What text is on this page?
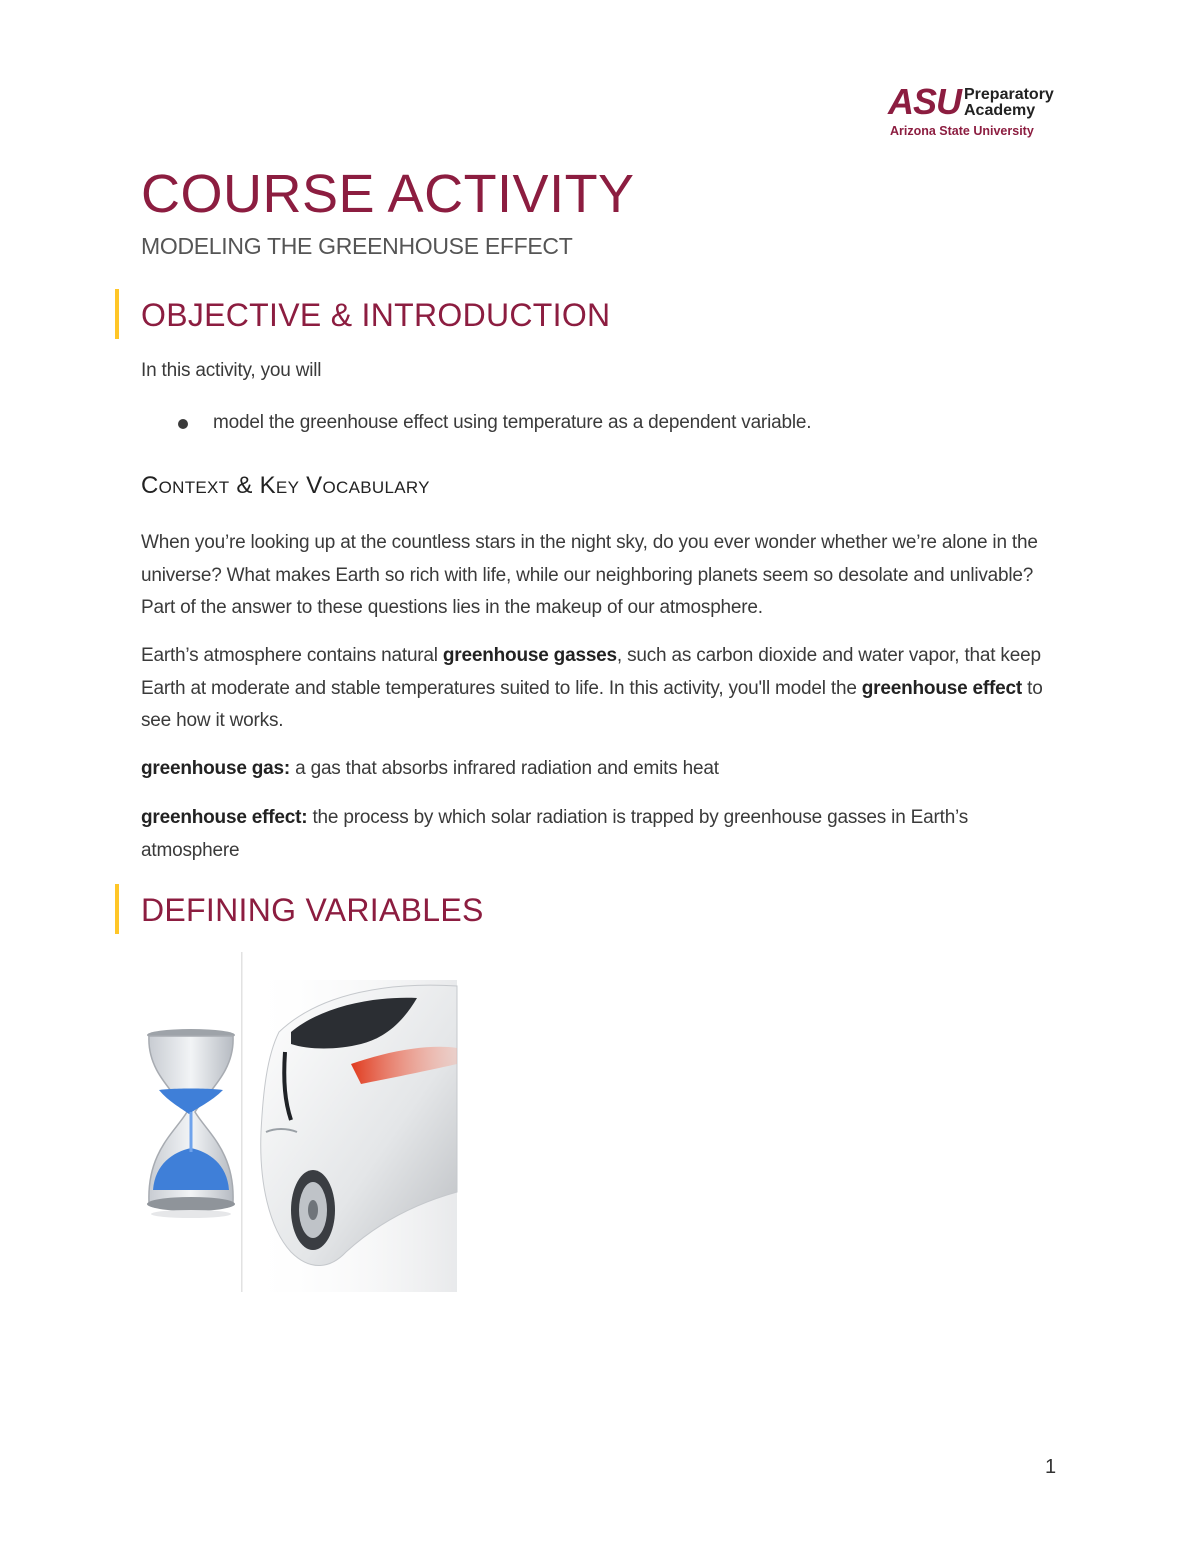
ASU Preparatory
Academy
Arizona State University
COURSE ACTIVITY

MODELING THE GREENHOUSE EFFECT

OBJECTIVE & INTRODUCTION

In this activity, you will

model the greenhouse effect using temperature as a dependent variable.

Context & Key Vocabulary

When you’re looking up at the countless stars in the night sky, do you ever wonder whether we’re alone in the universe? What makes Earth so rich with life, while our neighboring planets seem so desolate and unlivable? Part of the answer to these questions lies in the makeup of our atmosphere.

Earth’s atmosphere contains natural greenhouse gasses, such as carbon dioxide and water vapor, that keep Earth at moderate and stable temperatures suited to life. In this activity, you'll model the greenhouse effect to see how it works.

greenhouse gas: a gas that absorbs infrared radiation and emits heat

greenhouse effect: the process by which solar radiation is trapped by greenhouse gasses in Earth’s atmosphere

DEFINING VARIABLES
1
